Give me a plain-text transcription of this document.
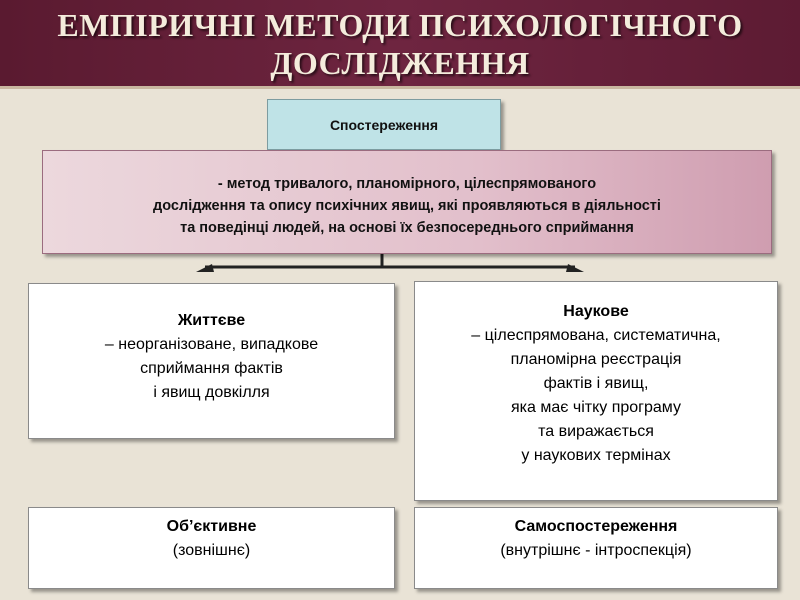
ЕМПІРИЧНІ МЕТОДИ ПСИХОЛОГІЧНОГО
ДОСЛІДЖЕННЯ
Спостереження
- метод тривалого, планомірного, цілеспрямованого
дослідження та опису психічних явищ, які проявляються в діяльності
та поведінці людей, на основі їх безпосереднього сприймання
Життєве
– неорганізоване, випадкове
сприймання фактів
і явищ довкілля
Наукове
– цілеспрямована, систематична,
планомірна реєстрація
фактів і явищ,
яка має чітку програму
та виражається
у наукових термінах
Об’єктивне
(зовнішнє)
Самоспостереження
(внутрішнє - інтроспекція)
